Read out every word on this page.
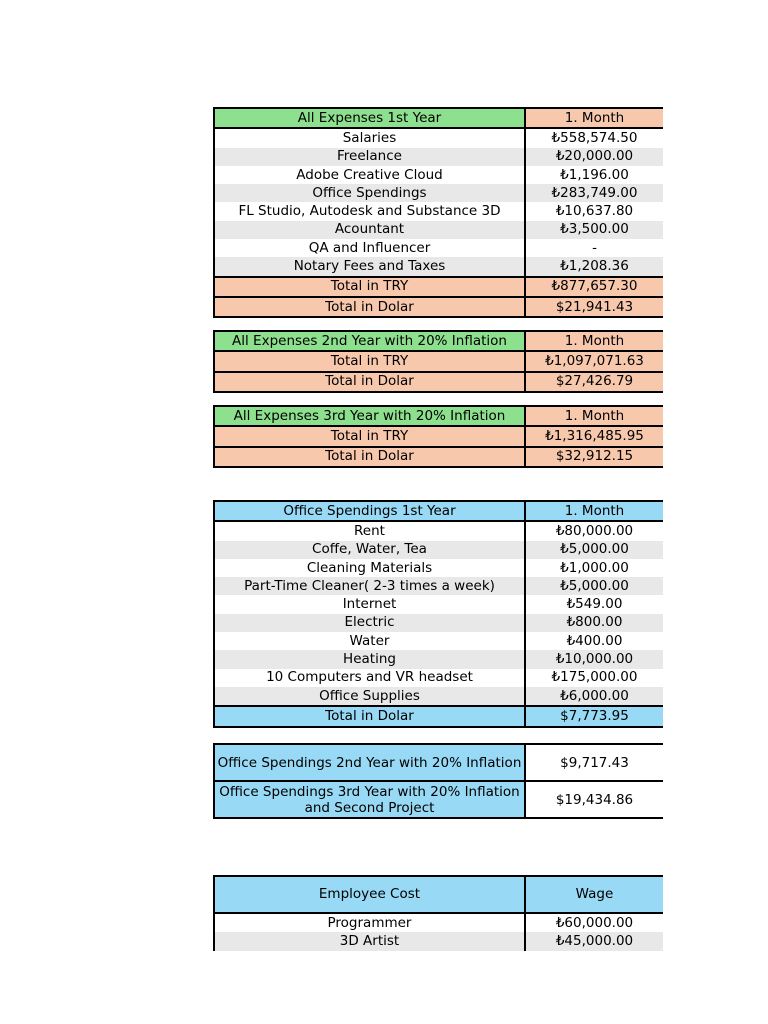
All Expenses 1st Year	1. Month
Salaries	₺558,574.50
Freelance	₺20,000.00
Adobe Creative Cloud	₺1,196.00
Office Spendings	₺283,749.00
FL Studio, Autodesk and Substance 3D	₺10,637.80
Acountant	₺3,500.00
QA and Influencer	-
Notary Fees and Taxes	₺1,208.36
Total in TRY	₺877,657.30
Total in Dolar	$21,941.43
All Expenses 2nd Year with 20% Inflation	1. Month
Total in TRY	₺1,097,071.63
Total in Dolar	$27,426.79
All Expenses 3rd Year with 20% Inflation	1. Month
Total in TRY	₺1,316,485.95
Total in Dolar	$32,912.15
Office Spendings 1st Year	1. Month
Rent	₺80,000.00
Coffe, Water, Tea	₺5,000.00
Cleaning Materials	₺1,000.00
Part-Time Cleaner( 2-3 times a week)	₺5,000.00
Internet	₺549.00
Electric	₺800.00
Water	₺400.00
Heating	₺10,000.00
10 Computers and VR headset	₺175,000.00
Office Supplies	₺6,000.00
Total in Dolar	$7,773.95
Office Spendings 2nd Year with 20% Inflation	$9,717.43
Office Spendings 3rd Year with 20% Inflation and Second Project	$19,434.86
Employee Cost	Wage
Programmer	₺60,000.00
3D Artist	₺45,000.00
